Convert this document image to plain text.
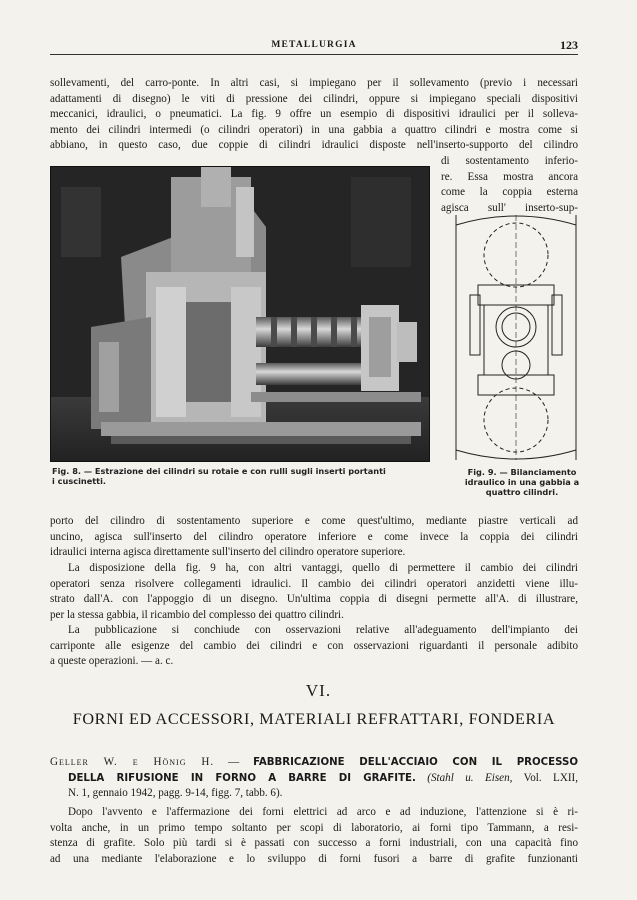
METALLURGIA	123
sollevamenti, del carro-ponte. In altri casi, si impiegano per il sollevamento (previo i necessari
adattamenti di disegno) le viti di pressione dei cilindri, oppure si impiegano speciali dispositivi
meccanici, idraulici, o pneumatici. La fig. 9 offre un esempio di dispositivi idraulici per il solleva-
mento dei cilindri intermedi (o cilindri operatori) in una gabbia a quattro cilindri e mostra come si
abbiano, in questo caso, due coppie di cilindri idraulici disposte nell'inserto-supporto del cilindro
di sostentamento inferio-
re. Essa mostra ancora
come la coppia esterna
agisca sull' inserto-sup-
Fig. 8. — Estrazione dei cilindri su rotaie e con rulli sugli inserti portanti
i cuscinetti.
Fig. 9. — Bilanciamento
idraulico in una gabbia a
quattro cilindri.
porto del cilindro di sostentamento superiore e come quest'ultimo, mediante piastre verticali ad
uncino, agisca sull'inserto del cilindro operatore inferiore e come invece la coppia dei cilindri
idraulici interna agisca direttamente sull'inserto del cilindro operatore superiore.
La disposizione della fig. 9 ha, con altri vantaggi, quello di permettere il cambio dei cilindri
operatori senza risolvere collegamenti idraulici. Il cambio dei cilindri operatori anzidetti viene illu-
strato dall'A. con l'appoggio di un disegno. Un'ultima coppia di disegni permette all'A. di illustrare,
per la stessa gabbia, il ricambio del complesso dei quattro cilindri.
La pubblicazione si conchiude con osservazioni relative all'adeguamento dell'impianto dei
carriponte alle esigenze del cambio dei cilindri e con osservazioni riguardanti il personale adibito
a queste operazioni. — a. c.
VI.
FORNI ED ACCESSORI, MATERIALI REFRATTARI, FONDERIA
Geller W. e Hönig H. — FABBRICAZIONE DELL'ACCIAIO CON IL PROCESSO
DELLA RIFUSIONE IN FORNO A BARRE DI GRAFITE. (Stahl u. Eisen, Vol. LXII,
N. 1, gennaio 1942, pagg. 9-14, figg. 7, tabb. 6).
Dopo l'avvento e l'affermazione dei forni elettrici ad arco e ad induzione, l'attenzione si è ri-
volta anche, in un primo tempo soltanto per scopi di laboratorio, ai forni tipo Tammann, a resi-
stenza di grafite. Solo più tardi si è passati con successo a forni industriali, con una capacità fino
ad una mediante l'elaborazione e lo sviluppo di forni fusori a barre di grafite funzionanti
